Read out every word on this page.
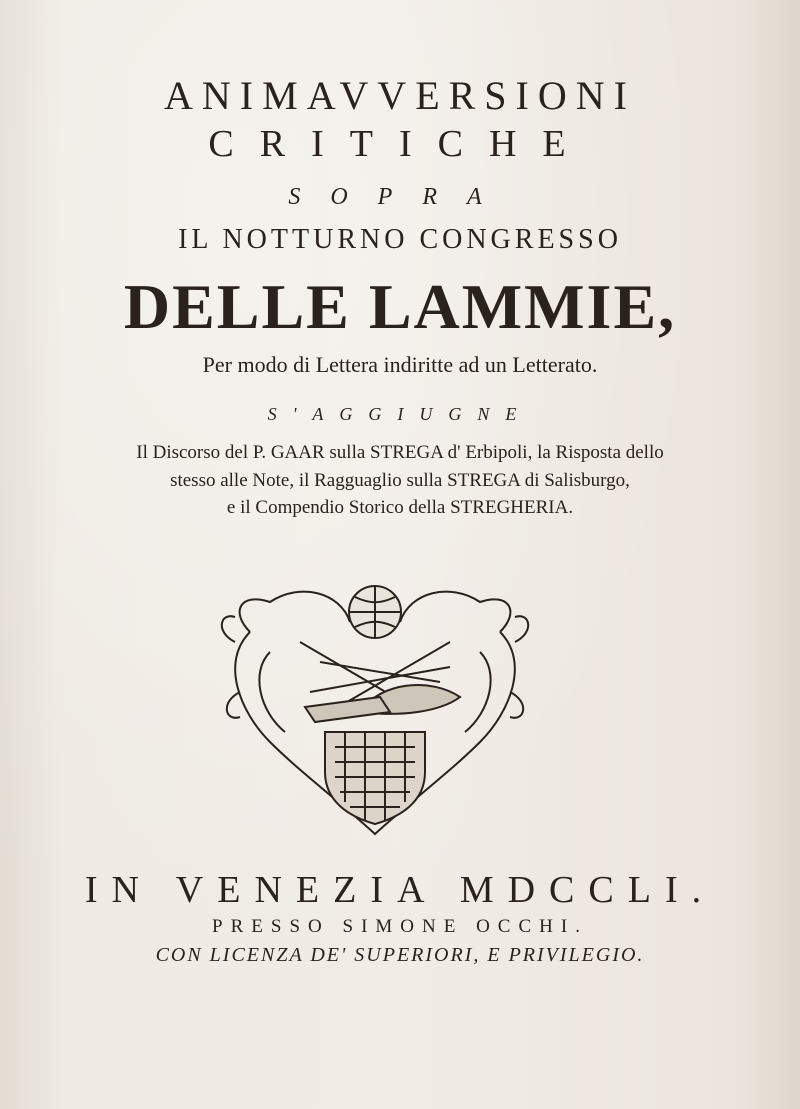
ANIMAVVERSIONI
CRITICHE
SOPRA
IL NOTTURNO CONGRESSO
DELLE LAMMIE,
Per modo di Lettera indiritte ad un Letterato.
S'AGGIUGNE
Il Discorso del P. GAAR sulla STREGA d' Erbipoli, la Risposta dello
stesso alle Note, il Ragguaglio sulla STREGA di Salisburgo,
e il Compendio Storico della STREGHERIA.
IN VENEZIA MDCCLI.
PRESSO SIMONE OCCHI.
CON LICENZA DE' SUPERIORI, E PRIVILEGIO.
